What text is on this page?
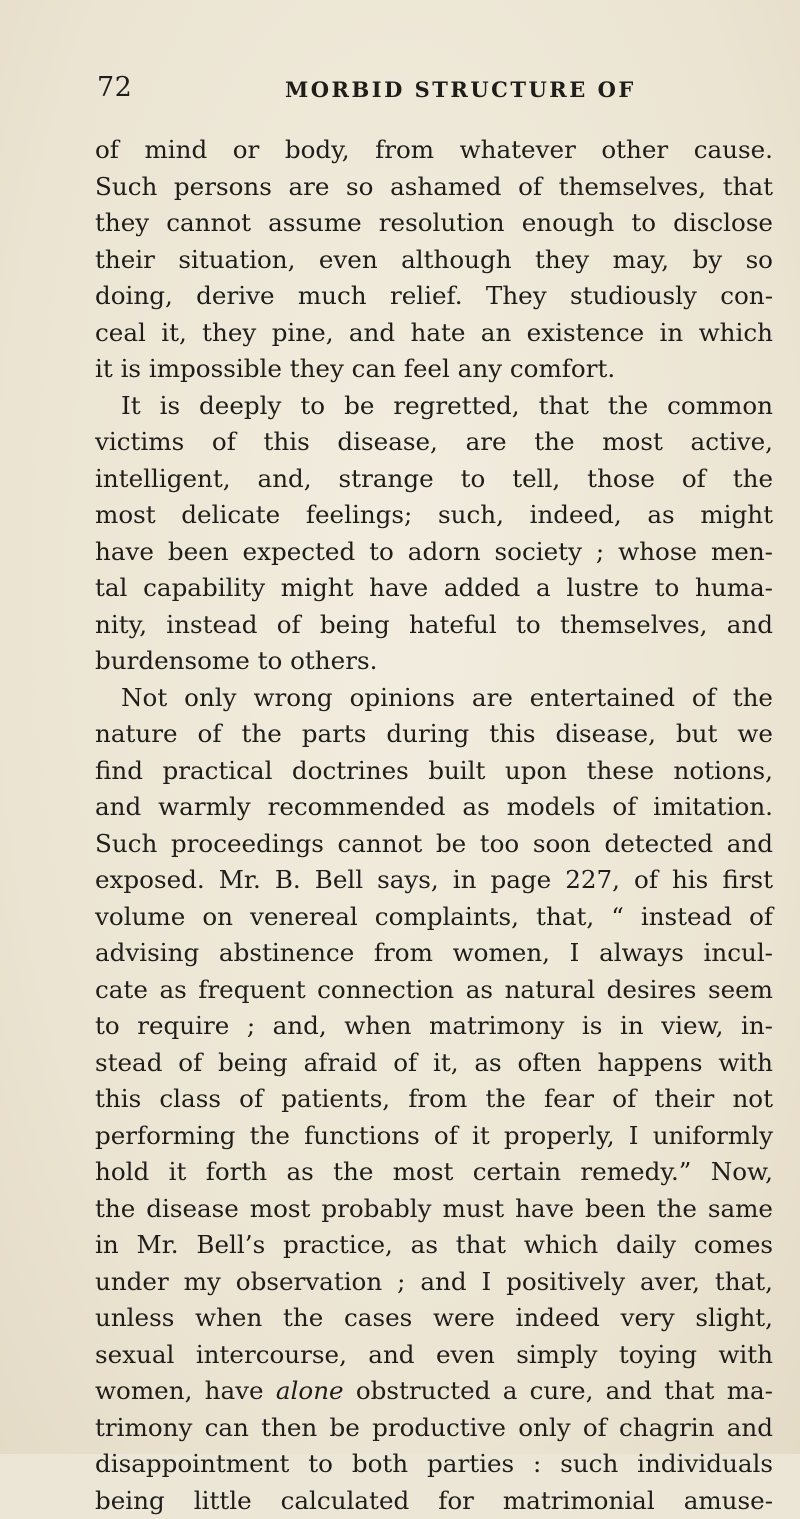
72	MORBID STRUCTURE OF
of mind or body, from whatever other cause.
Such persons are so ashamed of themselves, that
they cannot assume resolution enough to disclose
their situation, even although they may, by so
doing, derive much relief. They studiously con-
ceal it, they pine, and hate an existence in which
it is impossible they can feel any comfort.
It is deeply to be regretted, that the common
victims of this disease, are the most active,
intelligent, and, strange to tell, those of the
most delicate feelings; such, indeed, as might
have been expected to adorn society ; whose men-
tal capability might have added a lustre to huma-
nity, instead of being hateful to themselves, and
burdensome to others.
Not only wrong opinions are entertained of the
nature of the parts during this disease, but we
find practical doctrines built upon these notions,
and warmly recommended as models of imitation.
Such proceedings cannot be too soon detected and
exposed. Mr. B. Bell says, in page 227, of his first
volume on venereal complaints, that, “ instead of
advising abstinence from women, I always incul-
cate as frequent connection as natural desires seem
to require ; and, when matrimony is in view, in-
stead of being afraid of it, as often happens with
this class of patients, from the fear of their not
performing the functions of it properly, I uniformly
hold it forth as the most certain remedy.” Now,
the disease most probably must have been the same
in Mr. Bell’s practice, as that which daily comes
under my observation ; and I positively aver, that,
unless when the cases were indeed very slight,
sexual intercourse, and even simply toying with
women, have alone obstructed a cure, and that ma-
trimony can then be productive only of chagrin and
disappointment to both parties : such individuals
being little calculated for matrimonial amuse-
